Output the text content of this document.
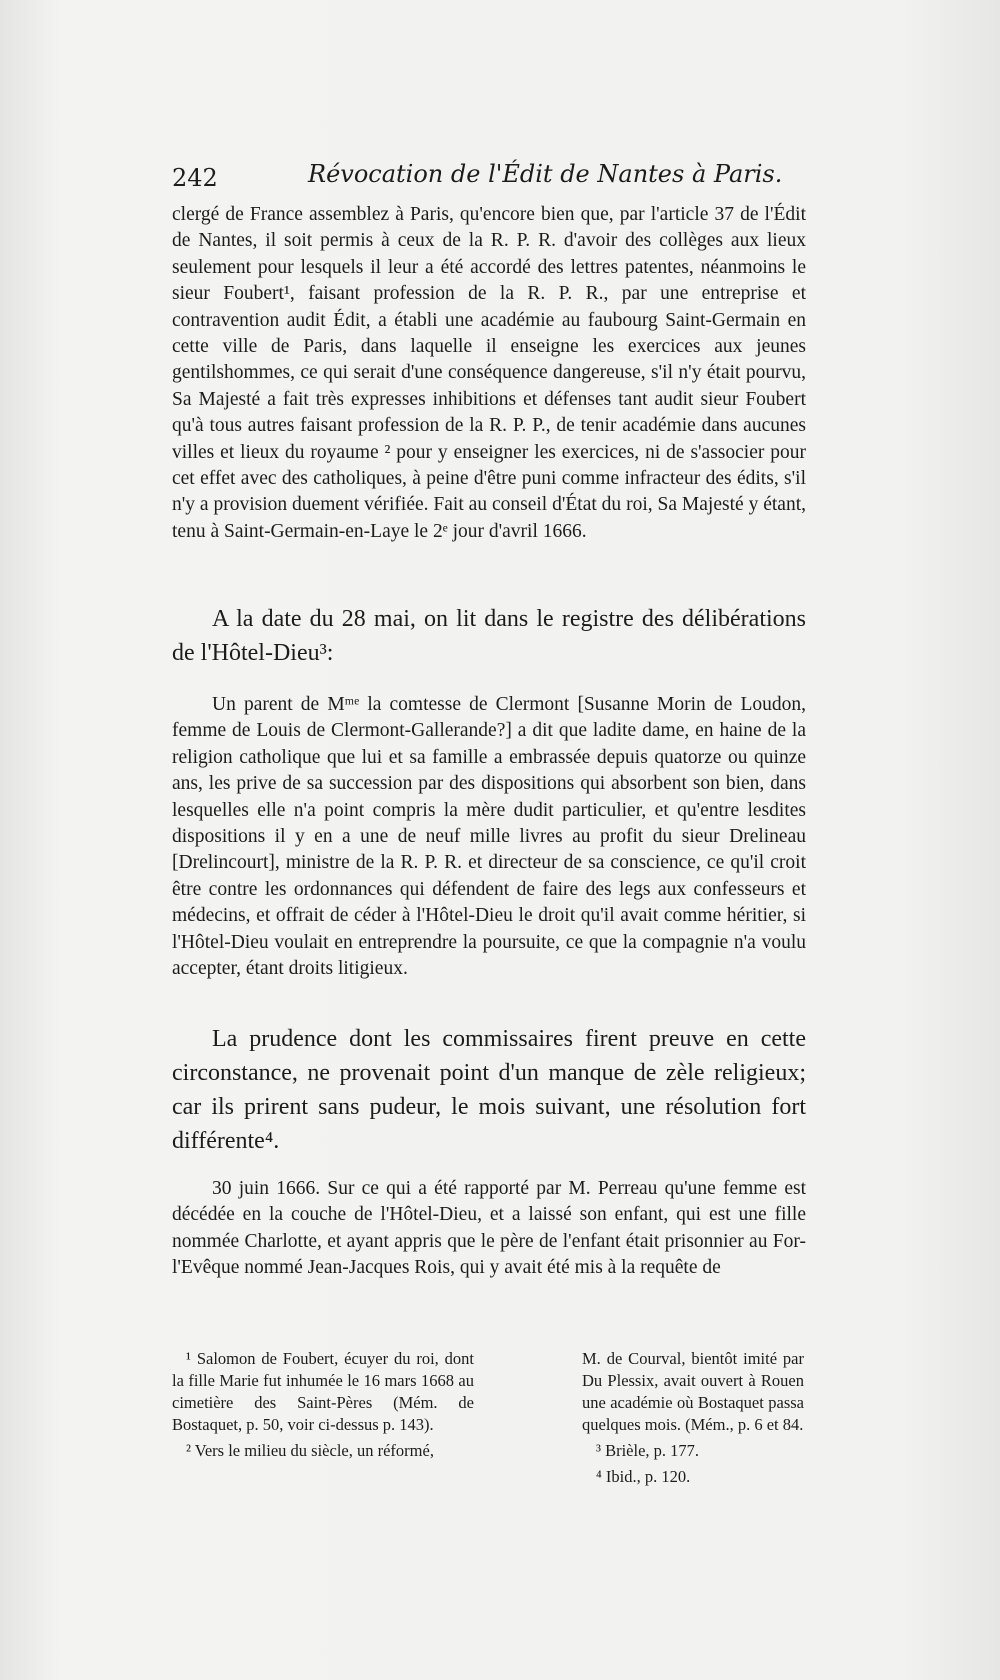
242	Révocation de l'Édit de Nantes à Paris.
clergé de France assemblez à Paris, qu'encore bien que, par l'article 37 de l'Édit de Nantes, il soit permis à ceux de la R. P. R. d'avoir des collèges aux lieux seulement pour lesquels il leur a été accordé des lettres patentes, néanmoins le sieur Foubert¹, faisant profession de la R. P. R., par une entreprise et contravention audit Édit, a établi une académie au faubourg Saint-Germain en cette ville de Paris, dans laquelle il enseigne les exercices aux jeunes gentilshommes, ce qui serait d'une conséquence dangereuse, s'il n'y était pourvu, Sa Majesté a fait très expresses inhibitions et défenses tant audit sieur Foubert qu'à tous autres faisant profession de la R. P. P., de tenir académie dans aucunes villes et lieux du royaume ² pour y enseigner les exercices, ni de s'associer pour cet effet avec des catholiques, à peine d'être puni comme infracteur des édits, s'il n'y a provision duement vérifiée. Fait au conseil d'État du roi, Sa Majesté y étant, tenu à Saint-Germain-en-Laye le 2ᵉ jour d'avril 1666.
A la date du 28 mai, on lit dans le registre des délibérations de l'Hôtel-Dieu³:
Un parent de Mᵐᵉ la comtesse de Clermont [Susanne Morin de Loudon, femme de Louis de Clermont-Gallerande?] a dit que ladite dame, en haine de la religion catholique que lui et sa famille a embrassée depuis quatorze ou quinze ans, les prive de sa succession par des dispositions qui absorbent son bien, dans lesquelles elle n'a point compris la mère dudit particulier, et qu'entre lesdites dispositions il y en a une de neuf mille livres au profit du sieur Drelineau [Drelincourt], ministre de la R. P. R. et directeur de sa conscience, ce qu'il croit être contre les ordonnances qui défendent de faire des legs aux confesseurs et médecins, et offrait de céder à l'Hôtel-Dieu le droit qu'il avait comme héritier, si l'Hôtel-Dieu voulait en entreprendre la poursuite, ce que la compagnie n'a voulu accepter, étant droits litigieux.
La prudence dont les commissaires firent preuve en cette circonstance, ne provenait point d'un manque de zèle religieux; car ils prirent sans pudeur, le mois suivant, une résolution fort différente⁴.
30 juin 1666. Sur ce qui a été rapporté par M. Perreau qu'une femme est décédée en la couche de l'Hôtel-Dieu, et a laissé son enfant, qui est une fille nommée Charlotte, et ayant appris que le père de l'enfant était prisonnier au For-l'Evêque nommé Jean-Jacques Rois, qui y avait été mis à la requête de

¹ Salomon de Foubert, écuyer du roi, dont la fille Marie fut inhumée le 16 mars 1668 au cimetière des Saint-Pères (Mém. de Bostaquet, p. 50, voir ci-dessus p. 143).

² Vers le milieu du siècle, un réformé,

M. de Courval, bientôt imité par Du Plessix, avait ouvert à Rouen une académie où Bostaquet passa quelques mois. (Mém., p. 6 et 84.

³ Brièle, p. 177.

⁴ Ibid., p. 120.
